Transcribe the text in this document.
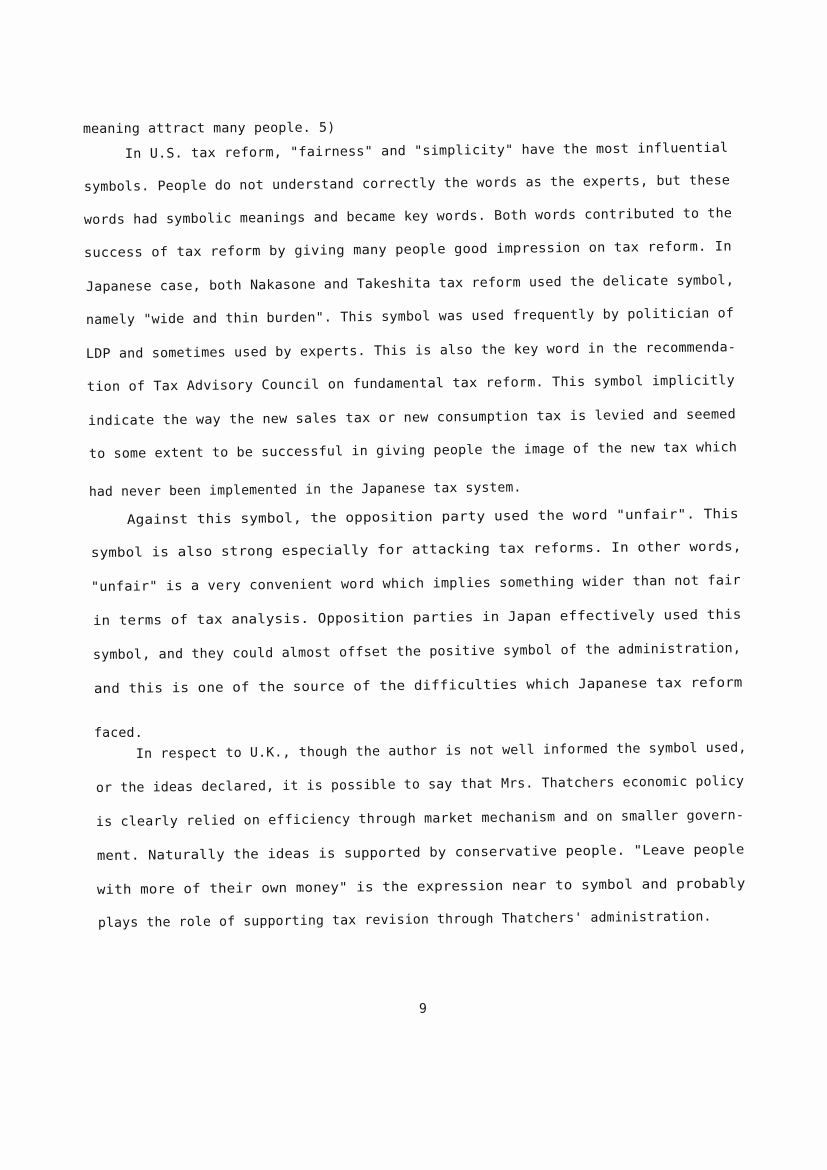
meaning attract many people. 5)
In U.S. tax reform, "fairness" and "simplicity" have the most influential
symbols. People do not understand correctly the words as the experts, but these
words had symbolic meanings and became key words. Both words contributed to the
success of tax reform by giving many people good impression on tax reform. In
Japanese case, both Nakasone and Takeshita tax reform used the delicate symbol,
namely "wide and thin burden". This symbol was used frequently by politician of
LDP and sometimes used by experts. This is also the key word in the recommenda-
tion of Tax Advisory Council on fundamental tax reform. This symbol implicitly
indicate the way the new sales tax or new consumption tax is levied and seemed
to some extent to be successful in giving people the image of the new tax which
had never been implemented in the Japanese tax system.
Against this symbol, the opposition party used the word "unfair". This
symbol is also strong especially for attacking tax reforms. In other words,
"unfair" is a very convenient word which implies something wider than not fair
in terms of tax analysis. Opposition parties in Japan effectively used this
symbol, and they could almost offset the positive symbol of the administration,
and this is one of the source of the difficulties which Japanese tax reform
faced.
In respect to U.K., though the author is not well informed the symbol used,
or the ideas declared, it is possible to say that Mrs. Thatchers economic policy
is clearly relied on efficiency through market mechanism and on smaller govern-
ment. Naturally the ideas is supported by conservative people. "Leave people
with more of their own money" is the expression near to symbol and probably
plays the role of supporting tax revision through Thatchers' administration.
9
